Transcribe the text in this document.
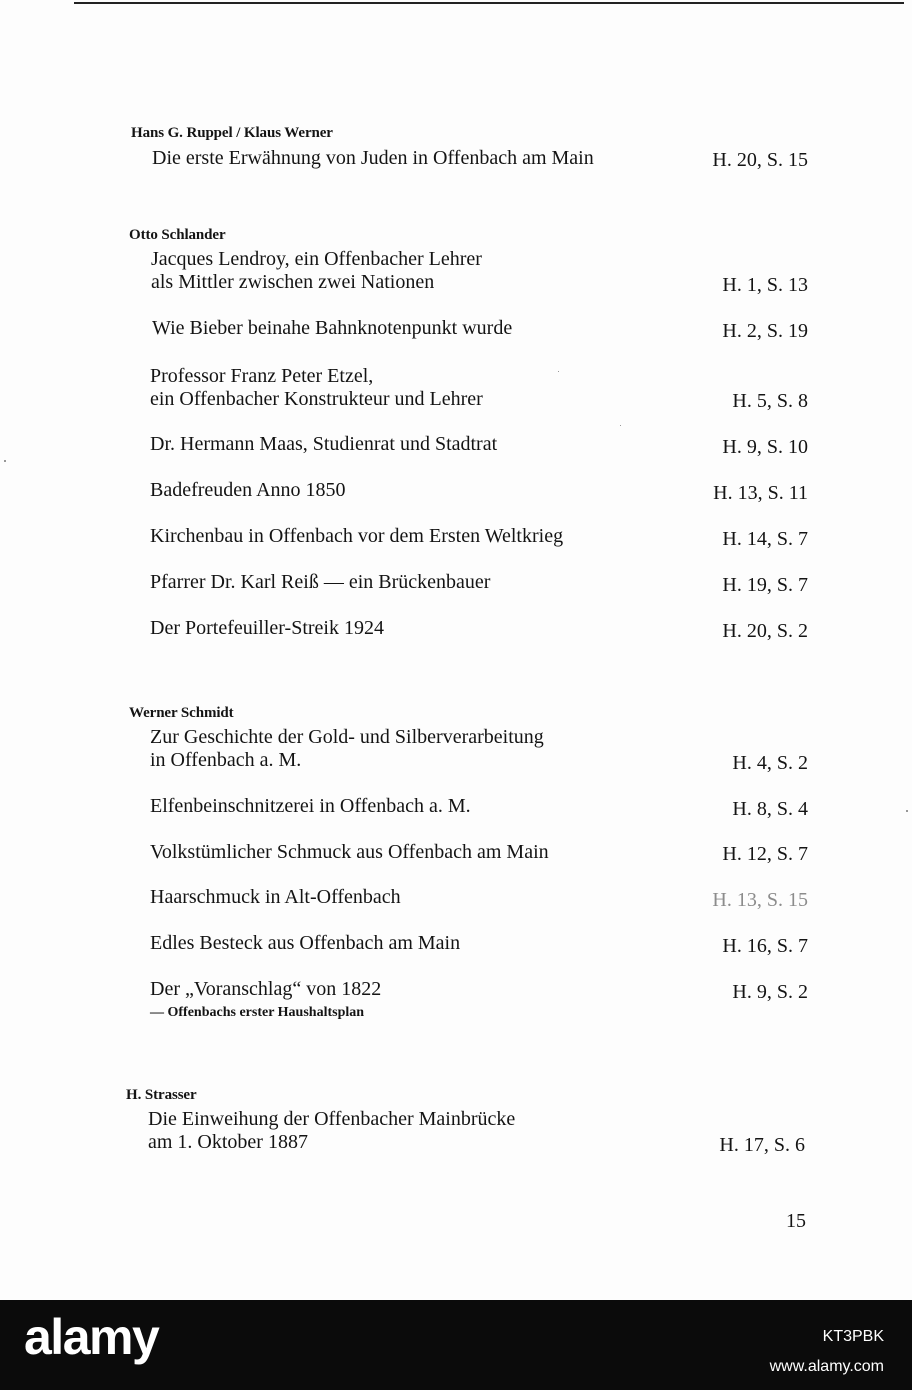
Hans G. Ruppel / Klaus Werner
Die erste Erwähnung von Juden in Offenbach am Main	H. 20, S. 15
Otto Schlander
Jacques Lendroy, ein Offenbacher Lehrer
als Mittler zwischen zwei Nationen	H. 1, S. 13
Wie Bieber beinahe Bahnknotenpunkt wurde	H. 2, S. 19
Professor Franz Peter Etzel,
ein Offenbacher Konstrukteur und Lehrer	H. 5, S. 8
Dr. Hermann Maas, Studienrat und Stadtrat	H. 9, S. 10
Badefreuden Anno 1850	H. 13, S. 11
Kirchenbau in Offenbach vor dem Ersten Weltkrieg	H. 14, S. 7
Pfarrer Dr. Karl Reiß — ein Brückenbauer	H. 19, S. 7
Der Portefeuiller-Streik 1924	H. 20, S. 2
Werner Schmidt
Zur Geschichte der Gold- und Silberverarbeitung
in Offenbach a. M.	H. 4, S. 2
Elfenbeinschnitzerei in Offenbach a. M.	H. 8, S. 4
Volkstümlicher Schmuck aus Offenbach am Main	H. 12, S. 7
Haarschmuck in Alt-Offenbach	H. 13, S. 15
Edles Besteck aus Offenbach am Main	H. 16, S. 7
Der „Voranschlag“ von 1822
— Offenbachs erster Haushaltsplan
H. 9, S. 2
H. Strasser
Die Einweihung der Offenbacher Mainbrücke
am 1. Oktober 1887	H. 17, S. 6
15
alamy	KT3PBK
www.alamy.com
